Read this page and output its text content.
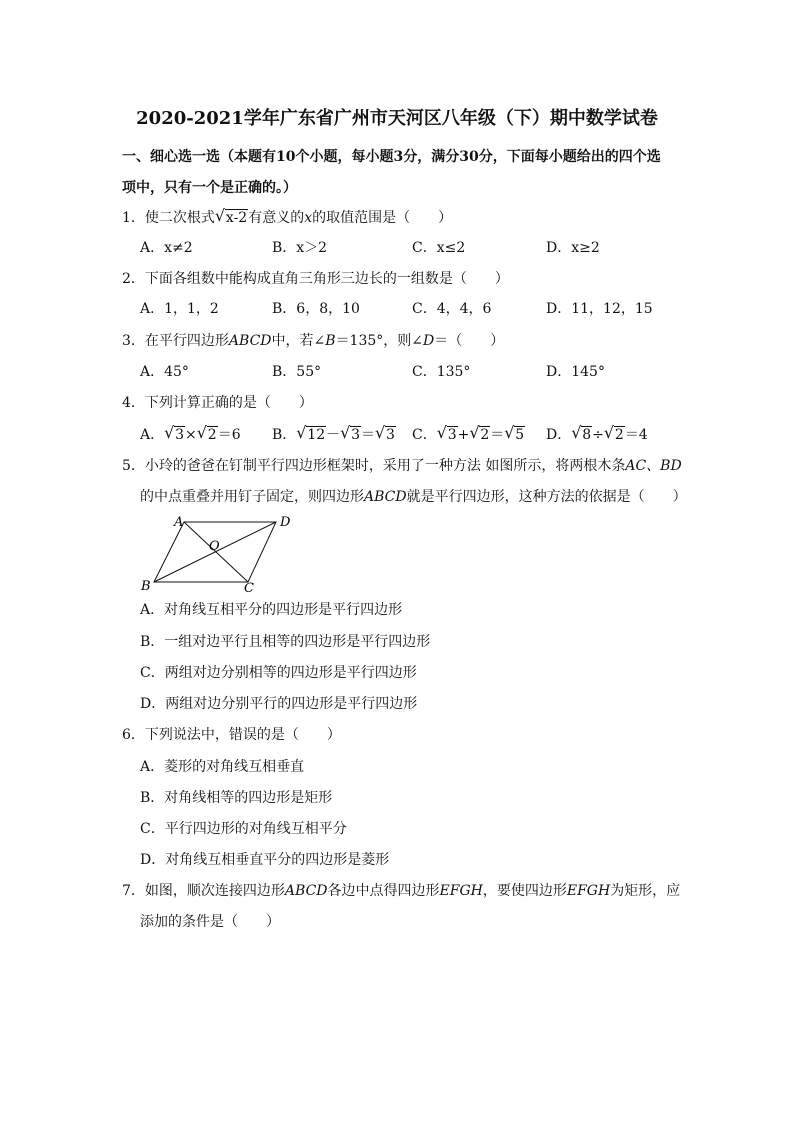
2020-2021学年广东省广州市天河区八年级（下）期中数学试卷
一、细心选一选（本题有10个小题，每小题3分，满分30分，下面每小题给出的四个选
项中，只有一个是正确的。）
1．使二次根式 √ x-2有意义的x的取值范围是（　　）
A．x≠2	B．x＞2	C．x≤2	D．x≥2
2．下面各组数中能构成直角三角形三边长的一组数是（　　）
A．1，1，2	B．6，8，10	C．4，4，6	D．11，12，15
3．在平行四边形ABCD中，若∠B＝135°，则∠D＝（　　）
A．45°	B．55°	C．135°	D．145°
4．下列计算正确的是（　　）
A． √ 3× √ 2＝6 B． √ 12－ √ 3＝ √ 3 C． √ 3+ √ 2＝ √ 5 D． √ 8÷ √ 2＝4
5．小玲的爸爸在钉制平行四边形框架时，采用了一种方法 如图所示，将两根木条AC、BD
的中点重叠并用钉子固定，则四边形ABCD就是平行四边形，这种方法的依据是（　　）
A	D
B	C
O
A．对角线互相平分的四边形是平行四边形
B．一组对边平行且相等的四边形是平行四边形
C．两组对边分别相等的四边形是平行四边形
D．两组对边分别平行的四边形是平行四边形
6．下列说法中，错误的是（　　）
A．菱形的对角线互相垂直
B．对角线相等的四边形是矩形
C．平行四边形的对角线互相平分
D．对角线互相垂直平分的四边形是菱形
7．如图，顺次连接四边形ABCD各边中点得四边形EFGH，要使四边形EFGH为矩形，应
添加的条件是（　　）
